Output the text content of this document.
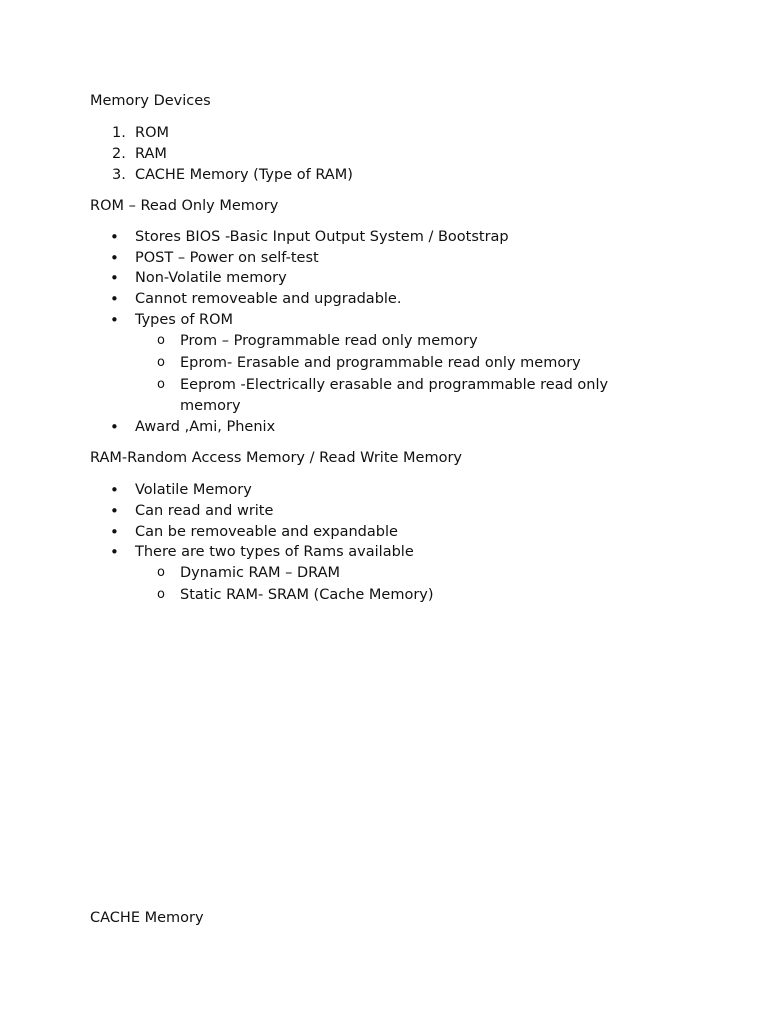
Memory Devices
1. ROM
2. RAM
3. CACHE Memory (Type of RAM)
ROM – Read Only Memory
• Stores BIOS -Basic Input Output System / Bootstrap
• POST – Power on self-test
• Non-Volatile memory
• Cannot removeable and upgradable.
• Types of ROM
o Prom – Programmable read only memory
o Eprom- Erasable and programmable read only memory
o Eeprom -Electrically erasable and programmable read only
memory
• Award ,Ami, Phenix
RAM-Random Access Memory / Read Write Memory
• Volatile Memory
• Can read and write
• Can be removeable and expandable
• There are two types of Rams available
o Dynamic RAM – DRAM
o Static RAM- SRAM (Cache Memory)
CACHE Memory
